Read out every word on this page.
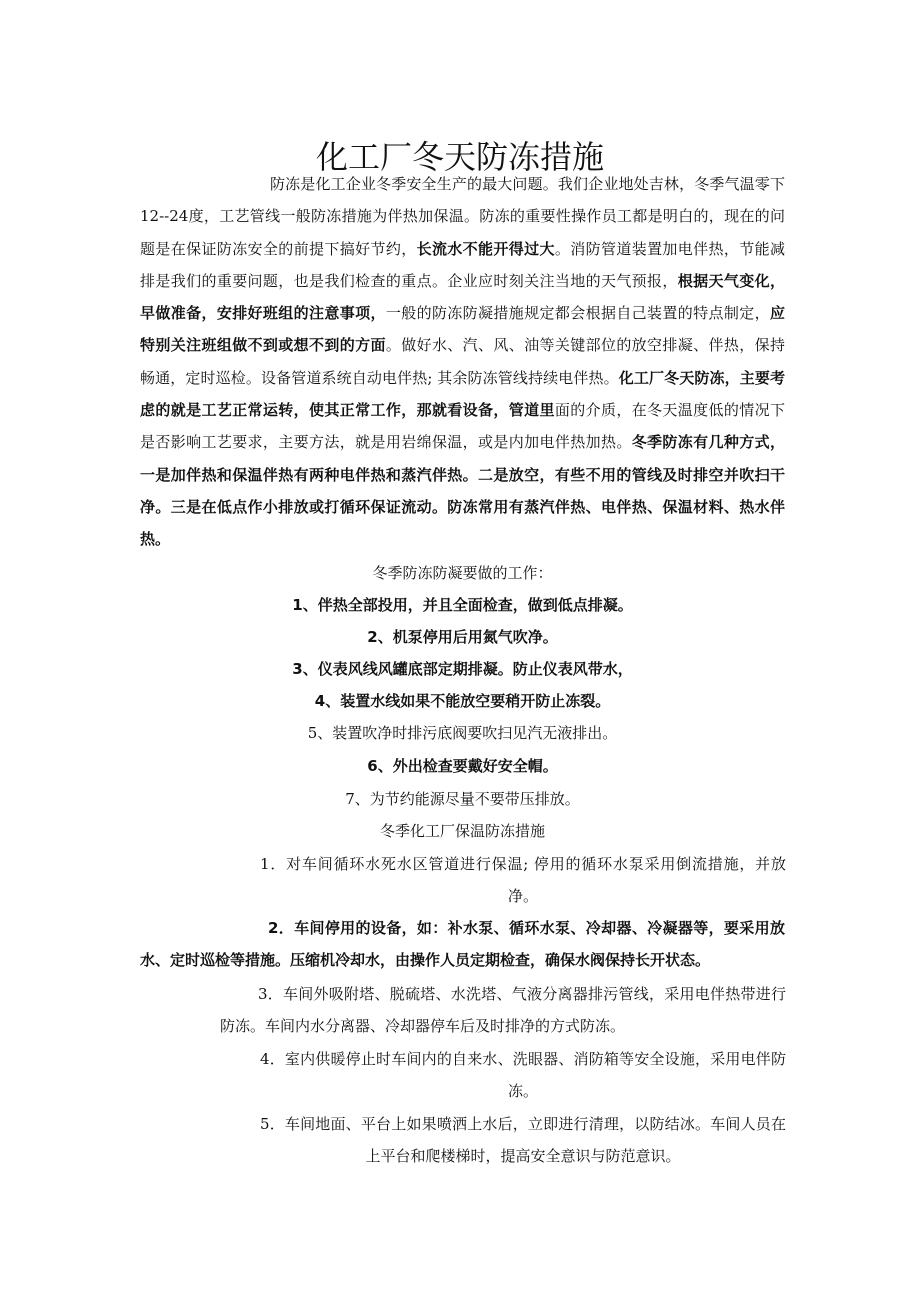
化工厂冬天防冻措施

防冻是化工企业冬季安全生产的最大问题。我们企业地处吉林，冬季气温零下12--24度，工艺管线一般防冻措施为伴热加保温。防冻的重要性操作员工都是明白的，现在的问题是在保证防冻安全的前提下搞好节约，长流水不能开得过大。消防管道装置加电伴热，节能减排是我们的重要问题，也是我们检查的重点。企业应时刻关注当地的天气预报，根据天气变化，早做准备，安排好班组的注意事项，一般的防冻防凝措施规定都会根据自己装置的特点制定，应特别关注班组做不到或想不到的方面。做好水、汽、风、油等关键部位的放空排凝、伴热，保持畅通，定时巡检。设备管道系统自动电伴热; 其余防冻管线持续电伴热。化工厂冬天防冻，主要考虑的就是工艺正常运转，使其正常工作，那就看设备，管道里面的介质，在冬天温度低的情况下是否影响工艺要求，主要方法，就是用岩绵保温，或是内加电伴热加热。冬季防冻有几种方式，一是加伴热和保温伴热有两种电伴热和蒸汽伴热。二是放空，有些不用的管线及时排空并吹扫干净。三是在低点作小排放或打循环保证流动。防冻常用有蒸汽伴热、电伴热、保温材料、热水伴热。

冬季防冻防凝要做的工作：

1、伴热全部投用，并且全面检查，做到低点排凝。

2、机泵停用后用氮气吹净。

3、仪表风线风罐底部定期排凝。防止仪表风带水，

4、装置水线如果不能放空要稍开防止冻裂。

5、装置吹净时排污底阀要吹扫见汽无液排出。

6、外出检查要戴好安全帽。

7、为节约能源尽量不要带压排放。

冬季化工厂保温防冻措施

1．对车间循环水死水区管道进行保温; 停用的循环水泵采用倒流措施，并放净。

2．车间停用的设备，如：补水泵、循环水泵、冷却器、冷凝器等，要采用放水、定时巡检等措施。压缩机冷却水，由操作人员定期检查，确保水阀保持长开状态。

3．车间外吸附塔、脱硫塔、水洗塔、气液分离器排污管线，采用电伴热带进行防冻。车间内水分离器、冷却器停车后及时排净的方式防冻。

4．室内供暖停止时车间内的自来水、洗眼器、消防箱等安全设施，采用电伴防冻。

5．车间地面、平台上如果喷洒上水后，立即进行清理，以防结冰。车间人员在上平台和爬楼梯时，提高安全意识与防范意识。
